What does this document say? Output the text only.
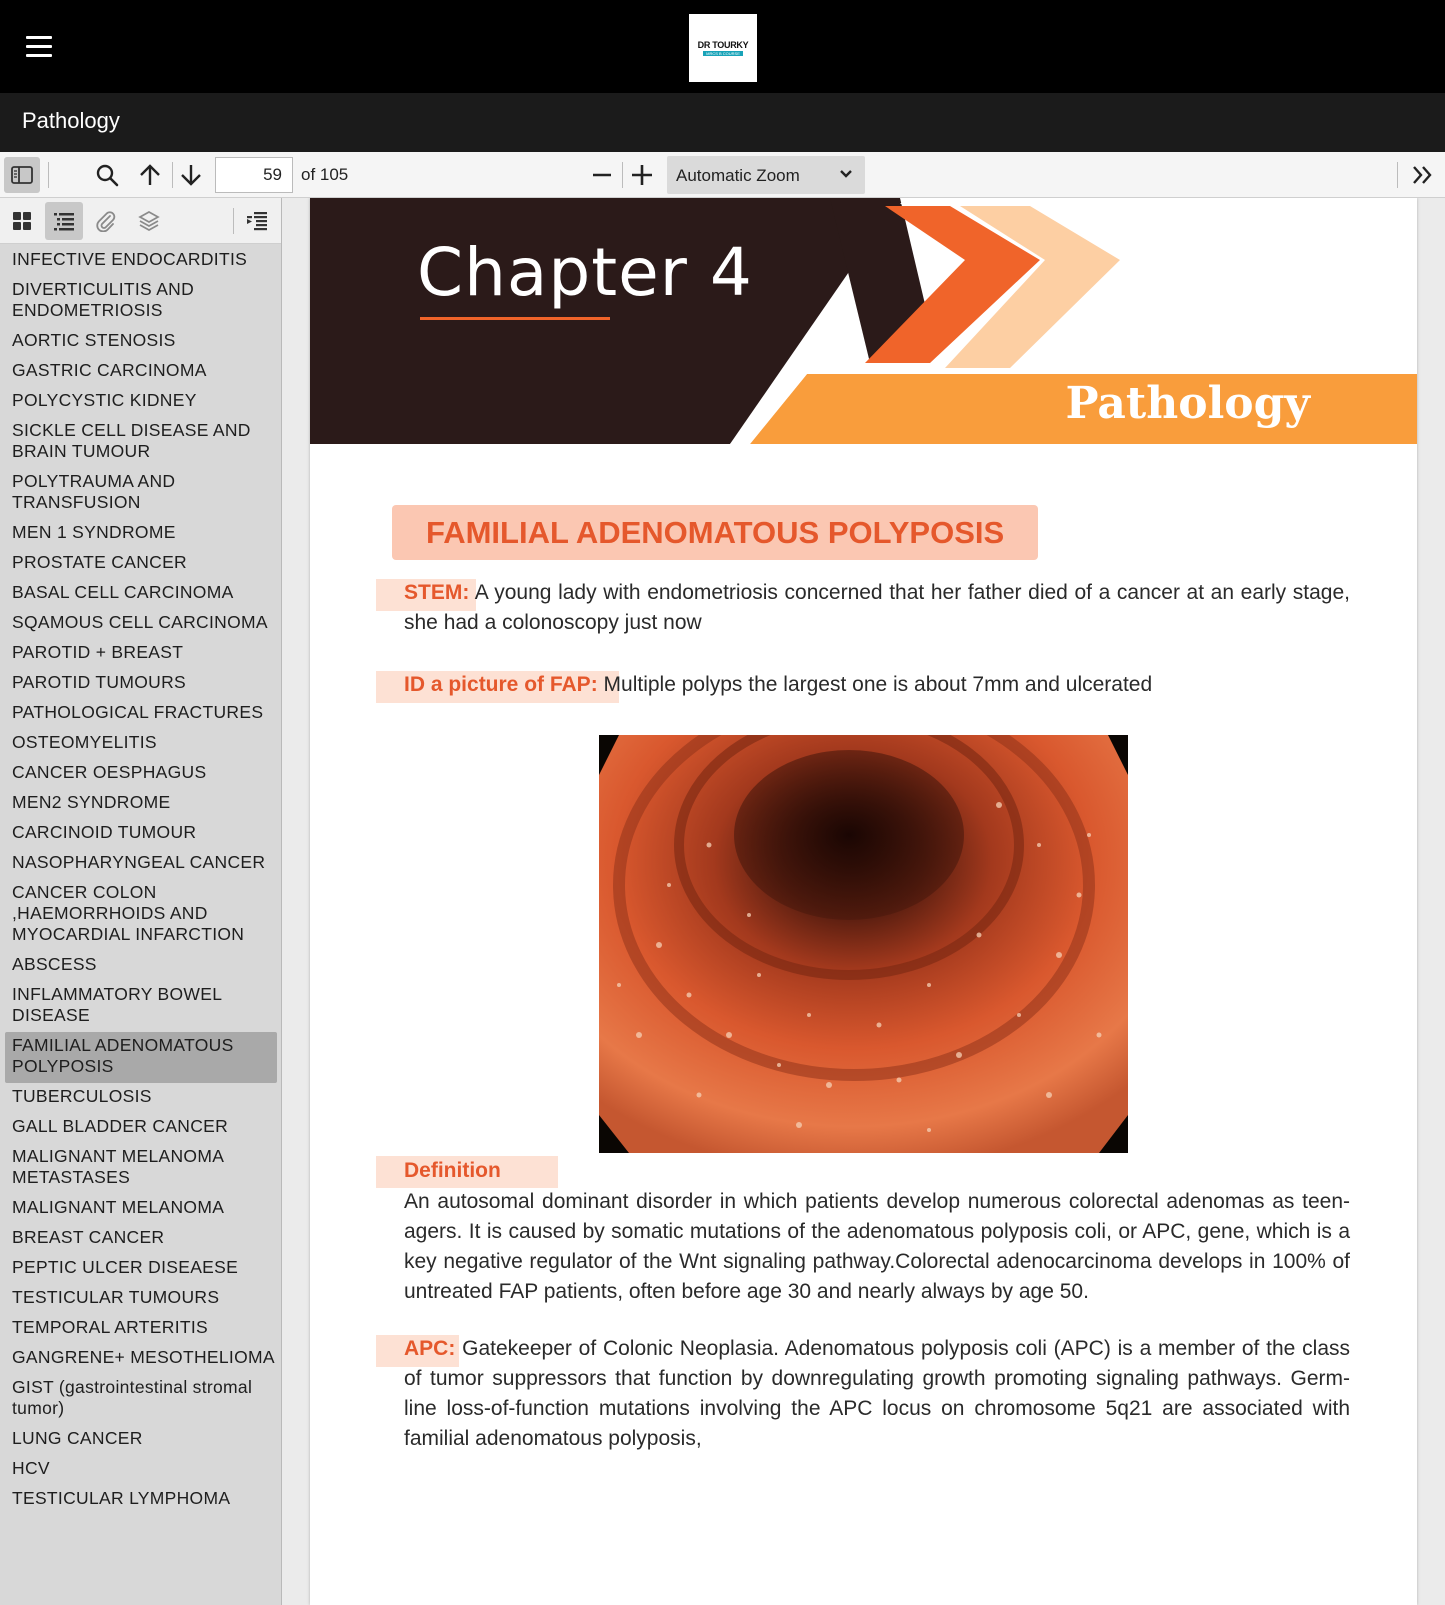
DR TOURKY
MRCS B COURSE
Pathology
59
of 105	Automatic Zoom
INFECTIVE ENDOCARDITIS
DIVERTICULITIS AND ENDOMETRIOSIS
AORTIC STENOSIS
GASTRIC CARCINOMA
POLYCYSTIC KIDNEY
SICKLE CELL DISEASE AND BRAIN TUMOUR
POLYTRAUMA AND TRANSFUSION
MEN 1 SYNDROME
PROSTATE CANCER
BASAL CELL CARCINOMA
SQAMOUS CELL CARCINOMA
PAROTID + BREAST
PAROTID TUMOURS
PATHOLOGICAL FRACTURES
OSTEOMYELITIS
CANCER OESPHAGUS
MEN2 SYNDROME
CARCINOID TUMOUR
NASOPHARYNGEAL CANCER
CANCER COLON ,HAEMORRHOIDS AND MYOCARDIAL INFARCTION
ABSCESS
INFLAMMATORY BOWEL DISEASE
FAMILIAL ADENOMATOUS POLYPOSIS
TUBERCULOSIS
GALL BLADDER CANCER
MALIGNANT MELANOMA METASTASES
MALIGNANT MELANOMA
BREAST CANCER
PEPTIC ULCER DISEAESE
TESTICULAR TUMOURS
TEMPORAL ARTERITIS
GANGRENE+ MESOTHELIOMA
GIST (gastrointestinal stromal tumor)
LUNG CANCER
HCV
TESTICULAR LYMPHOMA
Chapter 4
Pathology
FAMILIAL ADENOMATOUS POLYPOSIS
STEM: A young lady with endometriosis concerned that her father died of a cancer at an early stage, she had a colonoscopy just now
ID a picture of FAP: Multiple polyps the largest one is about 7mm and ulcerated
Definition
An autosomal dominant disorder in which patients develop numerous colorectal adenomas as teen-agers. It is caused by somatic mutations of the adenomatous polyposis coli, or APC, gene, which is a key negative regulator of the Wnt signaling pathway.Colorectal adenocarcinoma develops in 100% of untreated FAP patients, often before age 30 and nearly always by age 50.
APC: Gatekeeper of Colonic Neoplasia. Adenomatous polyposis coli (APC) is a member of the class of tumor suppressors that function by downregulating growth promoting signaling pathways. Germ-line loss-of-function mutations involving the APC locus on chromosome 5q21 are associated with familial adenomatous polyposis,
